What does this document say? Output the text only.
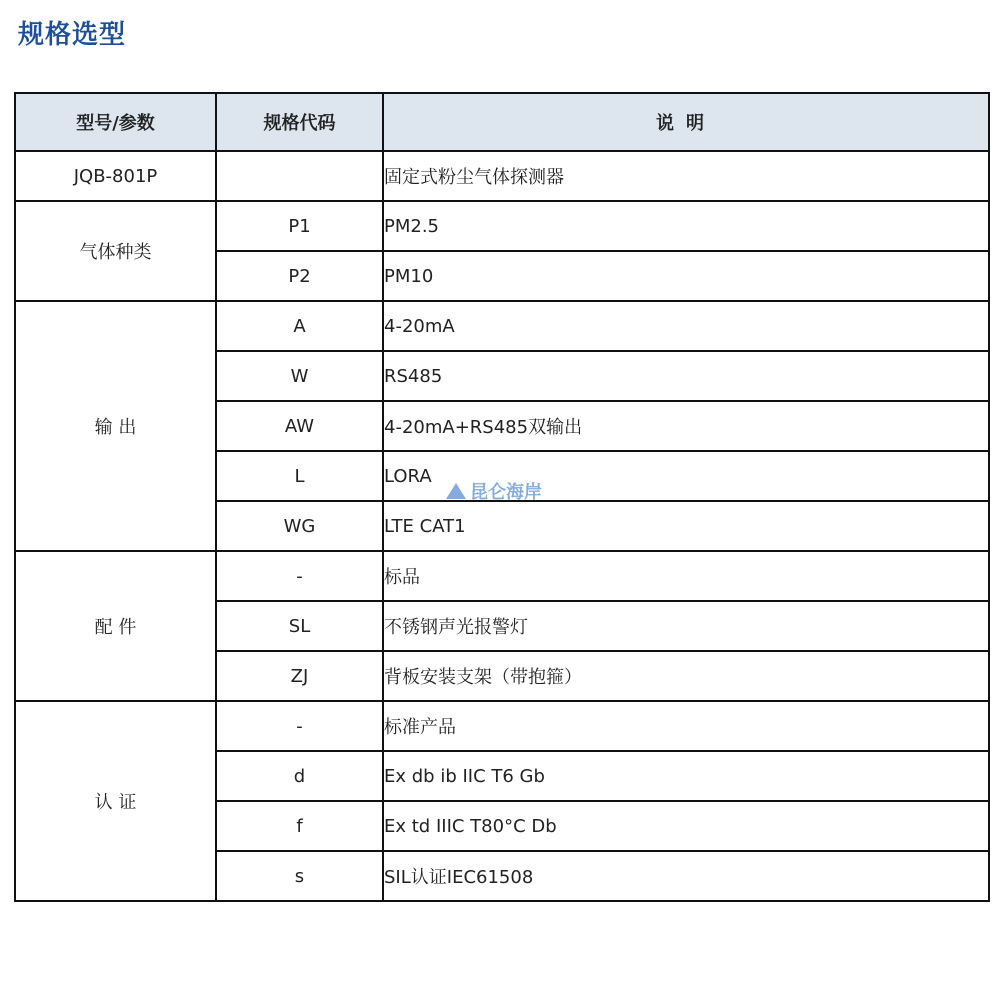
规格选型
型号/参数	规格代码	说明
JQB-801P		固定式粉尘气体探测器
气体种类	P1	PM2.5
	P2	PM10
输 出	A	4-20mA
	W	RS485
	AW	4-20mA+RS485双输出
	L	LORA
	WG	LTE CAT1
配 件	-	标品
	SL	不锈钢声光报警灯
	ZJ	背板安装支架（带抱箍）
认 证	-	标准产品
	d	Ex db ib IIC T6 Gb
	f	Ex td IIIC T80°C Db
	s	SIL认证IEC61508
昆仑海岸
